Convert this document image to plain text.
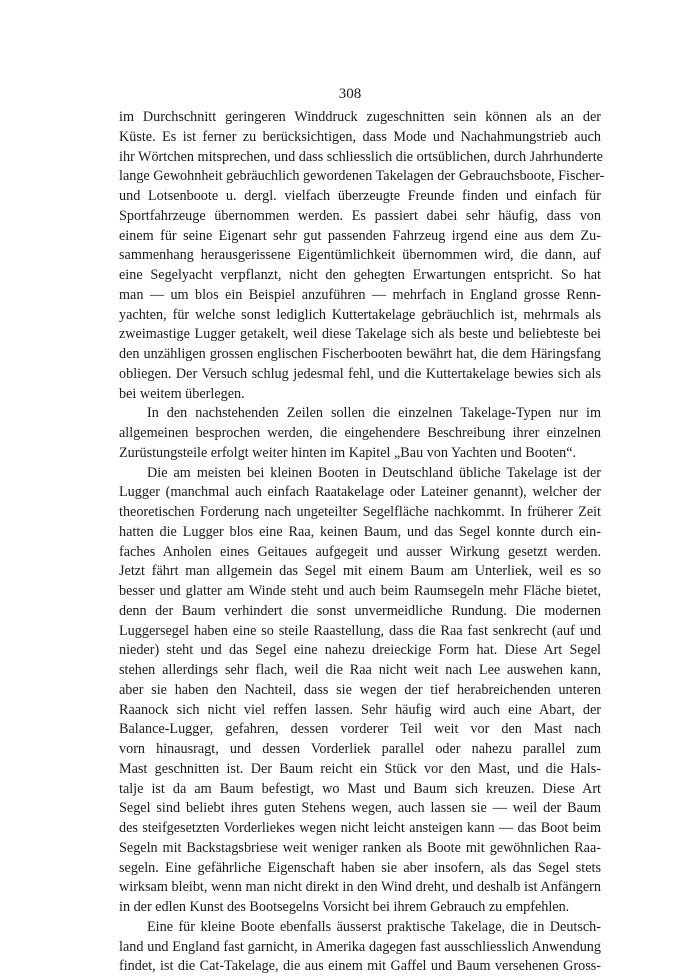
308
im Durchschnitt geringeren Winddruck zugeschnitten sein können als an der
Küste. Es ist ferner zu berücksichtigen, dass Mode und Nachahmungstrieb auch
ihr Wörtchen mitsprechen, und dass schliesslich die ortsüblichen, durch Jahrhunderte
lange Gewohnheit gebräuchlich gewordenen Takelagen der Gebrauchsboote, Fischer-
und Lotsenboote u. dergl. vielfach überzeugte Freunde finden und einfach für
Sportfahrzeuge übernommen werden. Es passiert dabei sehr häufig, dass von
einem für seine Eigenart sehr gut passenden Fahrzeug irgend eine aus dem Zu-
sammenhang herausgerissene Eigentümlichkeit übernommen wird, die dann, auf
eine Segelyacht verpflanzt, nicht den gehegten Erwartungen entspricht. So hat
man — um blos ein Beispiel anzuführen — mehrfach in England grosse Renn-
yachten, für welche sonst lediglich Kuttertakelage gebräuchlich ist, mehrmals als
zweimastige Lugger getakelt, weil diese Takelage sich als beste und beliebteste bei
den unzähligen grossen englischen Fischerbooten bewährt hat, die dem Häringsfang
obliegen. Der Versuch schlug jedesmal fehl, und die Kuttertakelage bewies sich als
bei weitem überlegen.
In den nachstehenden Zeilen sollen die einzelnen Takelage-Typen nur im
allgemeinen besprochen werden, die eingehendere Beschreibung ihrer einzelnen
Zurüstungsteile erfolgt weiter hinten im Kapitel „Bau von Yachten und Booten“.
Die am meisten bei kleinen Booten in Deutschland übliche Takelage ist der
Lugger (manchmal auch einfach Raatakelage oder Lateiner genannt), welcher der
theoretischen Forderung nach ungeteilter Segelfläche nachkommt. In früherer Zeit
hatten die Lugger blos eine Raa, keinen Baum, und das Segel konnte durch ein-
faches Anholen eines Geitaues aufgegeit und ausser Wirkung gesetzt werden.
Jetzt fährt man allgemein das Segel mit einem Baum am Unterliek, weil es so
besser und glatter am Winde steht und auch beim Raumsegeln mehr Fläche bietet,
denn der Baum verhindert die sonst unvermeidliche Rundung. Die modernen
Luggersegel haben eine so steile Raastellung, dass die Raa fast senkrecht (auf und
nieder) steht und das Segel eine nahezu dreieckige Form hat. Diese Art Segel
stehen allerdings sehr flach, weil die Raa nicht weit nach Lee auswehen kann,
aber sie haben den Nachteil, dass sie wegen der tief herabreichenden unteren
Raanock sich nicht viel reffen lassen. Sehr häufig wird auch eine Abart, der
Balance-Lugger, gefahren, dessen vorderer Teil weit vor den Mast nach
vorn hinausragt, und dessen Vorderliek parallel oder nahezu parallel zum
Mast geschnitten ist. Der Baum reicht ein Stück vor den Mast, und die Hals-
talje ist da am Baum befestigt, wo Mast und Baum sich kreuzen. Diese Art
Segel sind beliebt ihres guten Stehens wegen, auch lassen sie — weil der Baum
des steifgesetzten Vorderliekes wegen nicht leicht ansteigen kann — das Boot beim
Segeln mit Backstagsbriese weit weniger ranken als Boote mit gewöhnlichen Raa-
segeln. Eine gefährliche Eigenschaft haben sie aber insofern, als das Segel stets
wirksam bleibt, wenn man nicht direkt in den Wind dreht, und deshalb ist Anfängern
in der edlen Kunst des Bootsegelns Vorsicht bei ihrem Gebrauch zu empfehlen.
Eine für kleine Boote ebenfalls äusserst praktische Takelage, die in Deutsch-
land und England fast garnicht, in Amerika dagegen fast ausschliesslich Anwendung
findet, ist die Cat-Takelage, die aus einem mit Gaffel und Baum versehenen Gross-
